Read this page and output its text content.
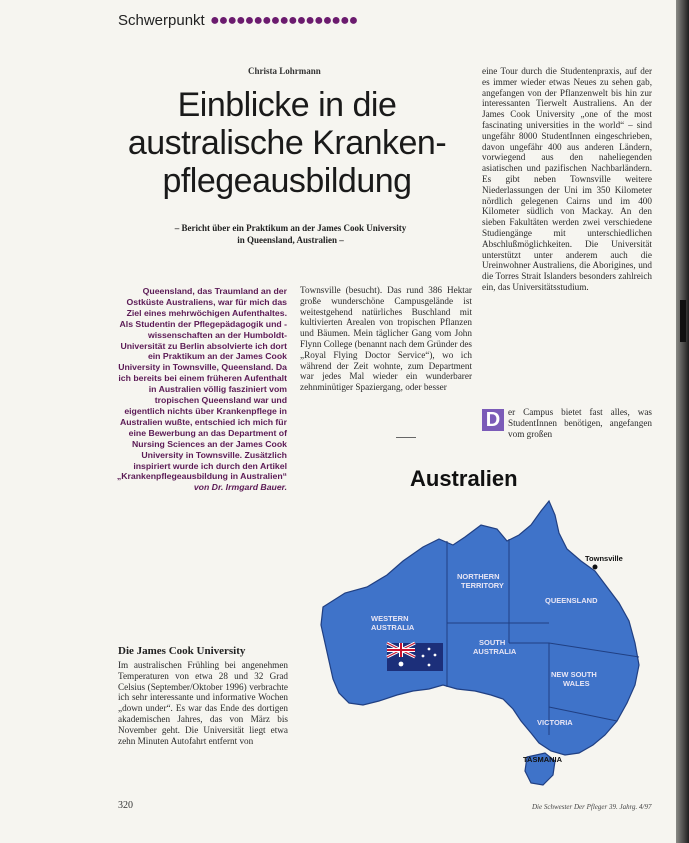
Schwerpunkt ●●●●●●●●●●●●●●●●●
Christa Lohrmann
Einblicke in die
australische Kranken-
pflegeausbildung
– Bericht über ein Praktikum an der James Cook University
in Queensland, Australien –
Queensland, das Traumland an der Ostküste Australiens, war für mich das Ziel eines mehrwöchigen Aufenthaltes. Als Studentin der Pflegepädagogik und -wissenschaften an der Humboldt-Universität zu Berlin absolvierte ich dort ein Praktikum an der James Cook University in Townsville, Queensland. Da ich bereits bei einem früheren Aufenthalt in Australien völlig fasziniert vom tropischen Queensland war und eigentlich nichts über Krankenpflege in Australien wußte, entschied ich mich für eine Bewerbung an das Department of Nursing Sciences an der James Cook University in Townsville. Zusätzlich inspiriert wurde ich durch den Artikel „Krankenpflegeausbildung in Australien“ von Dr. Irmgard Bauer.
Townsville (besucht). Das rund 386 Hektar große wunderschöne Campusgelände ist weitestgehend natürliches Buschland mit kultivierten Arealen von tropischen Pflanzen und Bäumen. Mein täglicher Gang vom John Flynn College (benannt nach dem Gründer des „Royal Flying Doctor Service“), wo ich während der Zeit wohnte, zum Department war jedes Mal wieder ein wunderbarer zehnminütiger Spaziergang, oder besser
eine Tour durch die Studentenpraxis, auf der es immer wieder etwas Neues zu sehen gab, angefangen von der Pflanzenwelt bis hin zur interessanten Tierwelt Australiens. An der James Cook University „one of the most fascinating universities in the world“ – sind ungefähr 8000 StudentInnen eingeschrieben, davon ungefähr 400 aus anderen Ländern, vorwiegend aus den naheliegenden asiatischen und pazifischen Nachbarländern. Es gibt neben Townsville weitere Niederlassungen der Uni im 350 Kilometer nördlich gelegenen Cairns und im 400 Kilometer südlich von Mackay. An den sieben Fakultäten werden zwei verschiedene Studiengänge mit unterschiedlichen Abschlußmöglichkeiten. Die Universität unterstützt unter anderem auch die Ureinwohner Australiens, die Aborigines, und die Torres Strait Islanders besonders zahlreich ein, das Universitätsstudium.
D er Campus bietet fast alles, was StudentInnen benötigen, angefangen vom großen
Australien
NORTHERN
TERRITORY
WESTERN
AUSTRALIA
QUEENSLAND
SOUTH
AUSTRALIA
NEW SOUTH
WALES
VICTORIA
TASMANIA
Townsville
Die James Cook University
Im australischen Frühling bei angenehmen Temperaturen von etwa 28 und 32 Grad Celsius (September/Oktober 1996) verbrachte ich sehr interessante und informative Wochen „down under“. Es war das Ende des dortigen akademischen Jahres, das von März bis November geht. Die Universität liegt etwa zehn Minuten Autofahrt entfernt von
320	Die Schwester Der Pfleger 39. Jahrg. 4/97
